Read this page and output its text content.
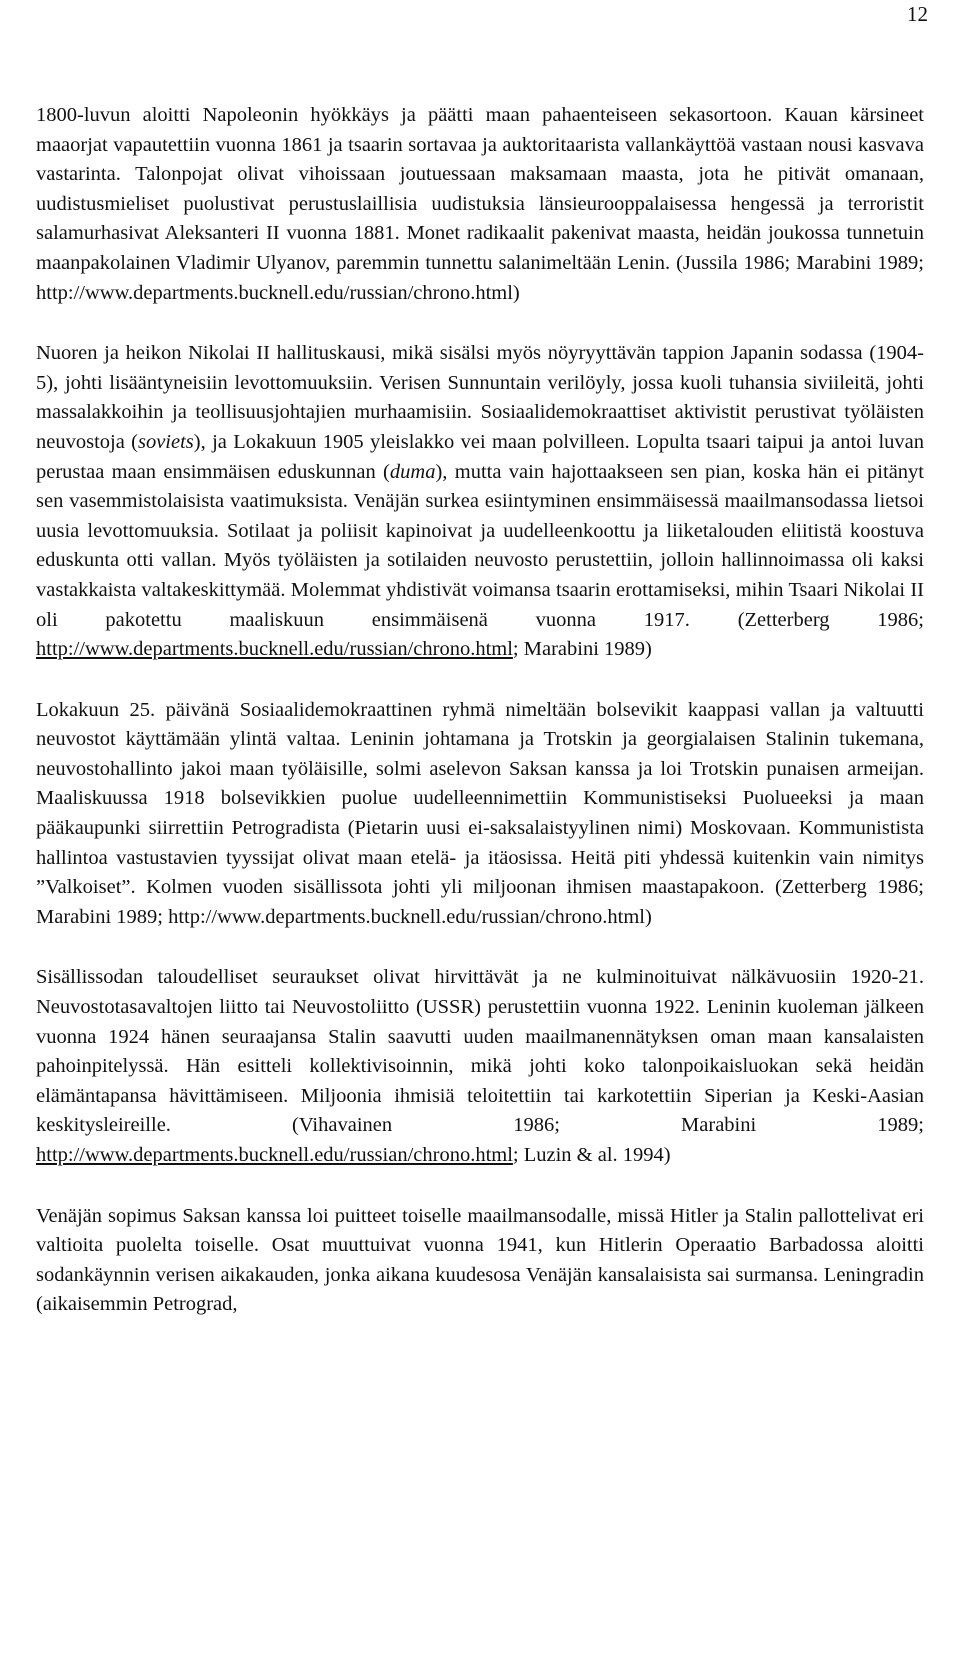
12

1800-luvun aloitti Napoleonin hyökkäys ja päätti maan pahaenteiseen sekasortoon. Kauan kärsineet maaorjat vapautettiin vuonna 1861 ja tsaarin sortavaa ja auktoritaarista vallankäyttöä vastaan nousi kasvava vastarinta. Talonpojat olivat vihoissaan joutuessaan maksamaan maasta, jota he pitivät omanaan, uudistusmieliset puolustivat perustuslaillisia uudistuksia länsieurooppalaisessa hengessä ja terroristit salamurhasivat Aleksanteri II vuonna 1881. Monet radikaalit pakenivat maasta, heidän joukossa tunnetuin maanpakolainen Vladimir Ulyanov, paremmin tunnettu salanimeltään Lenin. (Jussila 1986; Marabini 1989; http://www.departments.bucknell.edu/russian/chrono.html)

Nuoren ja heikon Nikolai II hallituskausi, mikä sisälsi myös nöyryyttävän tappion Japanin sodassa (1904-5), johti lisääntyneisiin levottomuuksiin. Verisen Sunnuntain verilöyly, jossa kuoli tuhansia siviileitä, johti massalakkoihin ja teollisuusjohtajien murhaamisiin. Sosiaalidemokraattiset aktivistit perustivat työläisten neuvostoja (soviets), ja Lokakuun 1905 yleislakko vei maan polvilleen. Lopulta tsaari taipui ja antoi luvan perustaa maan ensimmäisen eduskunnan (duma), mutta vain hajottaakseen sen pian, koska hän ei pitänyt sen vasemmistolaisista vaatimuksista. Venäjän surkea esiintyminen ensimmäisessä maailmansodassa lietsoi uusia levottomuuksia. Sotilaat ja poliisit kapinoivat ja uudelleenkoottu ja liiketalouden eliitistä koostuva eduskunta otti vallan. Myös työläisten ja sotilaiden neuvosto perustettiin, jolloin hallinnoimassa oli kaksi vastakkaista valtakeskittymää. Molemmat yhdistivät voimansa tsaarin erottamiseksi, mihin Tsaari Nikolai II oli pakotettu maaliskuun ensimmäisenä vuonna 1917. (Zetterberg 1986; http://www.departments.bucknell.edu/russian/chrono.html; Marabini 1989)

Lokakuun 25. päivänä Sosiaalidemokraattinen ryhmä nimeltään bolsevikit kaappasi vallan ja valtuutti neuvostot käyttämään ylintä valtaa. Leninin johtamana ja Trotskin ja georgialaisen Stalinin tukemana, neuvostohallinto jakoi maan työläisille, solmi aselevon Saksan kanssa ja loi Trotskin punaisen armeijan. Maaliskuussa 1918 bolsevikkien puolue uudelleennimettiin Kommunistiseksi Puolueeksi ja maan pääkaupunki siirrettiin Petrogradista (Pietarin uusi ei-saksalaistyylinen nimi) Moskovaan. Kommunistista hallintoa vastustavien tyyssijat olivat maan etelä- ja itäosissa. Heitä piti yhdessä kuitenkin vain nimitys ”Valkoiset”. Kolmen vuoden sisällissota johti yli miljoonan ihmisen maastapakoon. (Zetterberg 1986; Marabini 1989; http://www.departments.bucknell.edu/russian/chrono.html)

Sisällissodan taloudelliset seuraukset olivat hirvittävät ja ne kulminoituivat nälkävuosiin 1920-21. Neuvostotasavaltojen liitto tai Neuvostoliitto (USSR) perustettiin vuonna 1922. Leninin kuoleman jälkeen vuonna 1924 hänen seuraajansa Stalin saavutti uuden maailmanennätyksen oman maan kansalaisten pahoinpitelyssä. Hän esitteli kollektivisoinnin, mikä johti koko talonpoikaisluokan sekä heidän elämäntapansa hävittämiseen. Miljoonia ihmisiä teloitettiin tai karkotettiin Siperian ja Keski-Aasian keskitysleireille. (Vihavainen 1986; Marabini 1989; http://www.departments.bucknell.edu/russian/chrono.html; Luzin & al. 1994)

Venäjän sopimus Saksan kanssa loi puitteet toiselle maailmansodalle, missä Hitler ja Stalin pallottelivat eri valtioita puolelta toiselle. Osat muuttuivat vuonna 1941, kun Hitlerin Operaatio Barbadossa aloitti sodankäynnin verisen aikakauden, jonka aikana kuudesosa Venäjän kansalaisista sai surmansa. Leningradin (aikaisemmin Petrograd,
